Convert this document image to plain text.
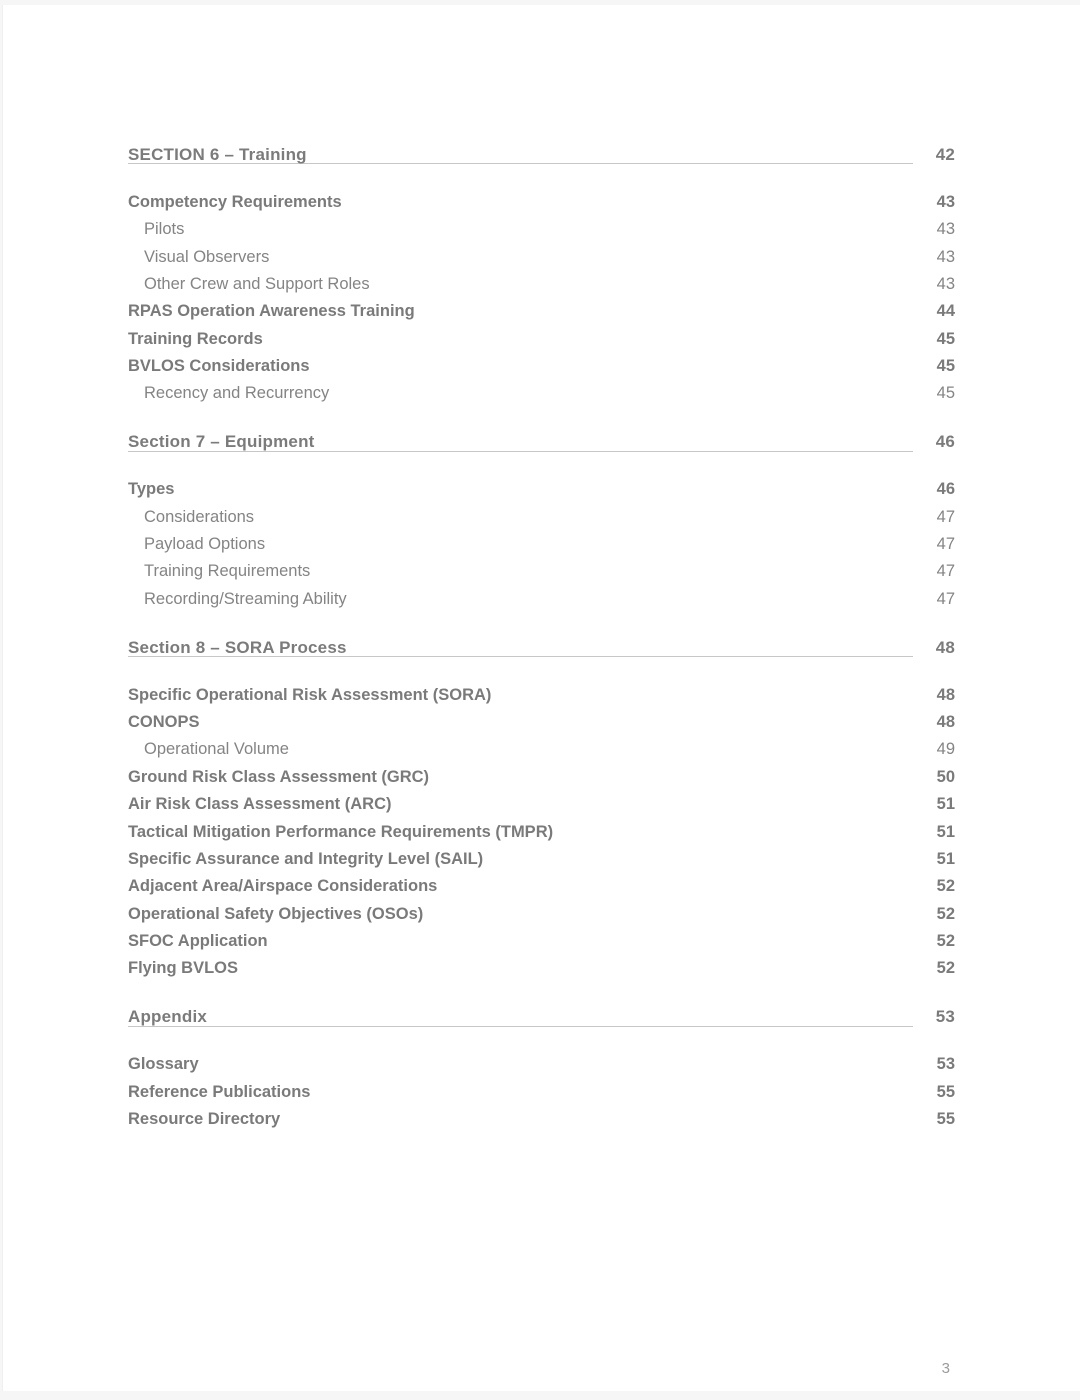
SECTION 6 – Training	42
Competency Requirements	43
Pilots	43
Visual Observers	43
Other Crew and Support Roles	43
RPAS Operation Awareness Training	44
Training Records	45
BVLOS Considerations	45
Recency and Recurrency	45
Section 7 – Equipment	46
Types	46
Considerations	47
Payload Options	47
Training Requirements	47
Recording/Streaming Ability	47
Section 8 – SORA Process	48
Specific Operational Risk Assessment (SORA)	48
CONOPS	48
Operational Volume	49
Ground Risk Class Assessment (GRC)	50
Air Risk Class Assessment (ARC)	51
Tactical Mitigation Performance Requirements (TMPR)	51
Specific Assurance and Integrity Level (SAIL)	51
Adjacent Area/Airspace Considerations	52
Operational Safety Objectives (OSOs)	52
SFOC Application	52
Flying BVLOS	52
Appendix	53
Glossary	53
Reference Publications	55
Resource Directory	55
3
